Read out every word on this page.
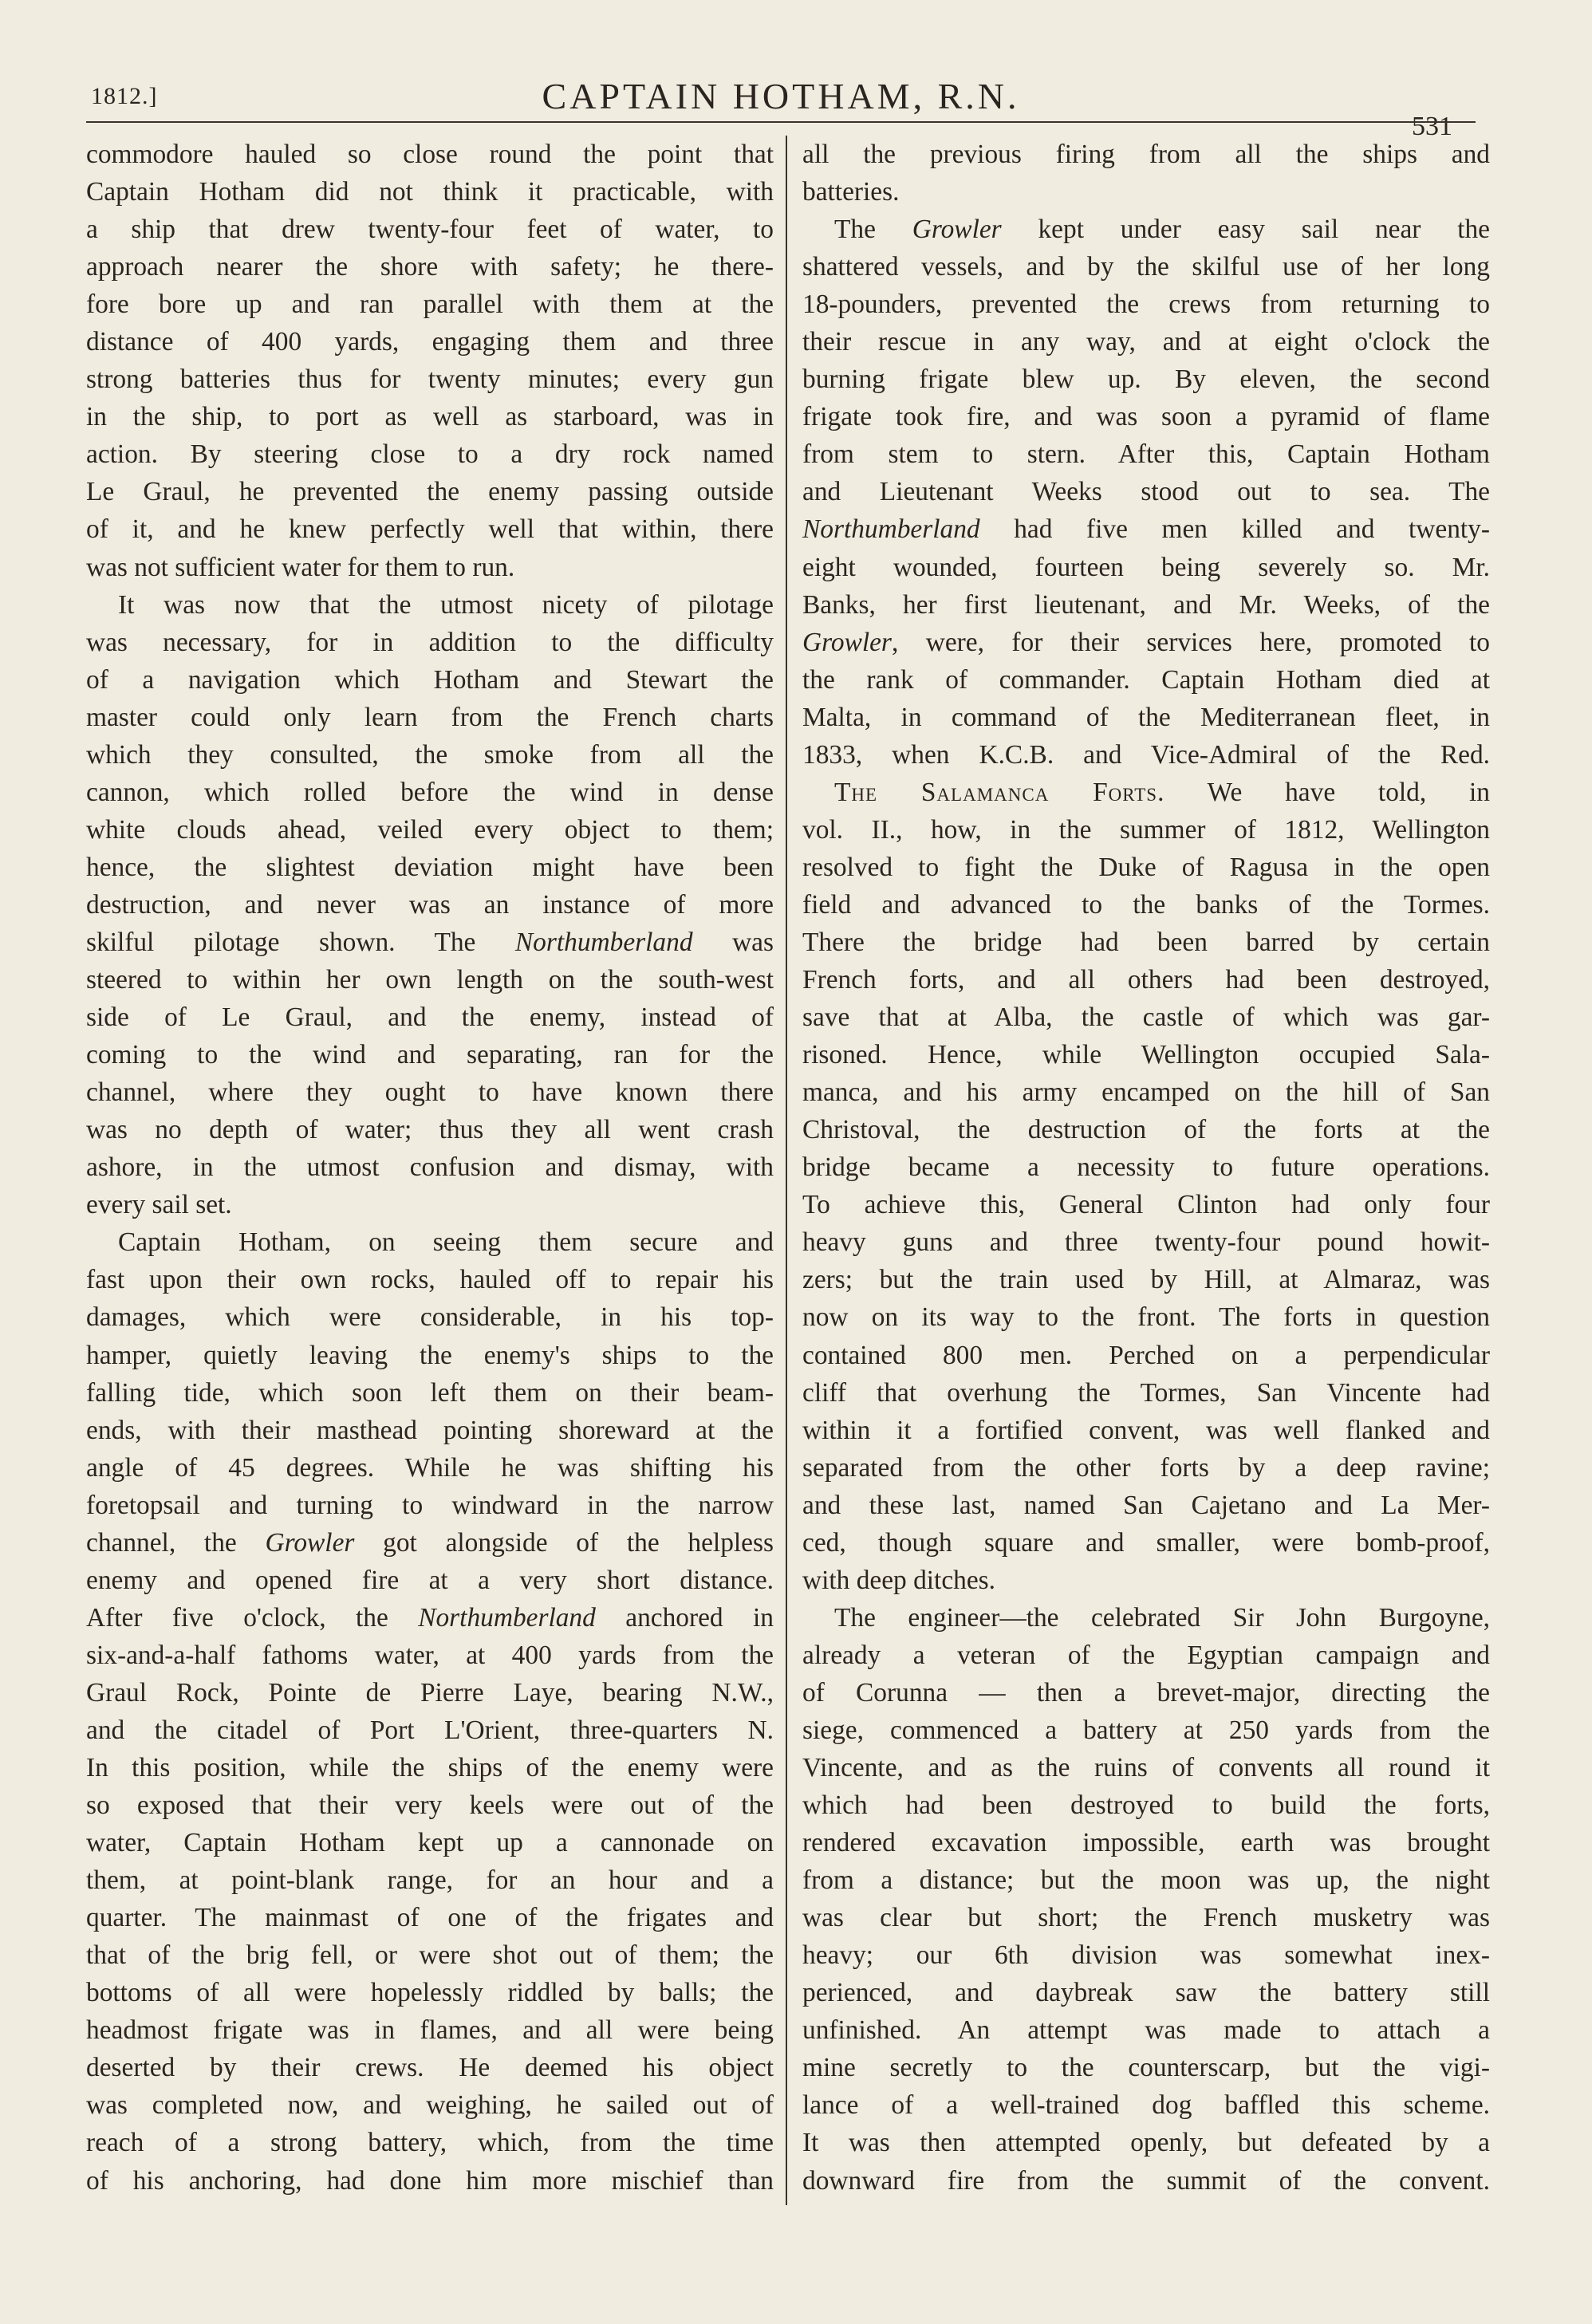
1812.]	CAPTAIN HOTHAM, R.N.
531
commodore hauled so close round the point that
Captain Hotham did not think it practicable, with
a ship that drew twenty-four feet of water, to
approach nearer the shore with safety; he there-
fore bore up and ran parallel with them at the
distance of 400 yards, engaging them and three
strong batteries thus for twenty minutes; every gun
in the ship, to port as well as starboard, was in
action. By steering close to a dry rock named
Le Graul, he prevented the enemy passing outside
of it, and he knew perfectly well that within, there
was not sufficient water for them to run.
It was now that the utmost nicety of pilotage
was necessary, for in addition to the difficulty
of a navigation which Hotham and Stewart the
master could only learn from the French charts
which they consulted, the smoke from all the
cannon, which rolled before the wind in dense
white clouds ahead, veiled every object to them;
hence, the slightest deviation might have been
destruction, and never was an instance of more
skilful pilotage shown. The Northumberland was
steered to within her own length on the south-west
side of Le Graul, and the enemy, instead of
coming to the wind and separating, ran for the
channel, where they ought to have known there
was no depth of water; thus they all went crash
ashore, in the utmost confusion and dismay, with
every sail set.
Captain Hotham, on seeing them secure and
fast upon their own rocks, hauled off to repair his
damages, which were considerable, in his top-
hamper, quietly leaving the enemy's ships to the
falling tide, which soon left them on their beam-
ends, with their masthead pointing shoreward at the
angle of 45 degrees. While he was shifting his
foretopsail and turning to windward in the narrow
channel, the Growler got alongside of the helpless
enemy and opened fire at a very short distance.
After five o'clock, the Northumberland anchored in
six-and-a-half fathoms water, at 400 yards from the
Graul Rock, Pointe de Pierre Laye, bearing N.W.,
and the citadel of Port L'Orient, three-quarters N.
In this position, while the ships of the enemy were
so exposed that their very keels were out of the
water, Captain Hotham kept up a cannonade on
them, at point-blank range, for an hour and a
quarter. The mainmast of one of the frigates and
that of the brig fell, or were shot out of them; the
bottoms of all were hopelessly riddled by balls; the
headmost frigate was in flames, and all were being
deserted by their crews. He deemed his object
was completed now, and weighing, he sailed out of
reach of a strong battery, which, from the time
of his anchoring, had done him more mischief than
all the previous firing from all the ships and
batteries.
The Growler kept under easy sail near the
shattered vessels, and by the skilful use of her long
18-pounders, prevented the crews from returning to
their rescue in any way, and at eight o'clock the
burning frigate blew up. By eleven, the second
frigate took fire, and was soon a pyramid of flame
from stem to stern. After this, Captain Hotham
and Lieutenant Weeks stood out to sea. The
Northumberland had five men killed and twenty-
eight wounded, fourteen being severely so. Mr.
Banks, her first lieutenant, and Mr. Weeks, of the
Growler, were, for their services here, promoted to
the rank of commander. Captain Hotham died at
Malta, in command of the Mediterranean fleet, in
1833, when K.C.B. and Vice-Admiral of the Red.
The Salamanca Forts. We have told, in
vol. II., how, in the summer of 1812, Wellington
resolved to fight the Duke of Ragusa in the open
field and advanced to the banks of the Tormes.
There the bridge had been barred by certain
French forts, and all others had been destroyed,
save that at Alba, the castle of which was gar-
risoned. Hence, while Wellington occupied Sala-
manca, and his army encamped on the hill of San
Christoval, the destruction of the forts at the
bridge became a necessity to future operations.
To achieve this, General Clinton had only four
heavy guns and three twenty-four pound howit-
zers; but the train used by Hill, at Almaraz, was
now on its way to the front. The forts in question
contained 800 men. Perched on a perpendicular
cliff that overhung the Tormes, San Vincente had
within it a fortified convent, was well flanked and
separated from the other forts by a deep ravine;
and these last, named San Cajetano and La Mer-
ced, though square and smaller, were bomb-proof,
with deep ditches.
The engineer—the celebrated Sir John Burgoyne,
already a veteran of the Egyptian campaign and
of Corunna — then a brevet-major, directing the
siege, commenced a battery at 250 yards from the
Vincente, and as the ruins of convents all round it
which had been destroyed to build the forts,
rendered excavation impossible, earth was brought
from a distance; but the moon was up, the night
was clear but short; the French musketry was
heavy; our 6th division was somewhat inex-
perienced, and daybreak saw the battery still
unfinished. An attempt was made to attach a
mine secretly to the counterscarp, but the vigi-
lance of a well-trained dog baffled this scheme.
It was then attempted openly, but defeated by a
downward fire from the summit of the convent.
